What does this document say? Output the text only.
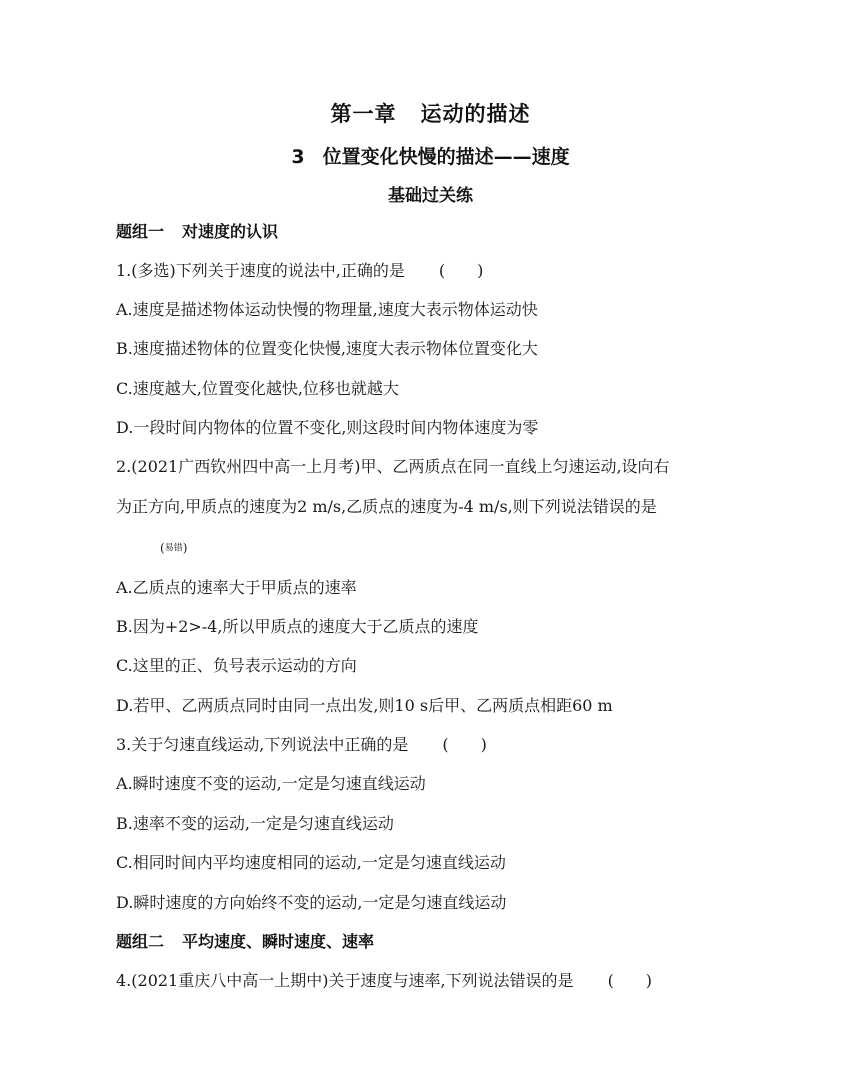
第一章 运动的描述
3 位置变化快慢的描述——速度
基础过关练
题组一 对速度的认识
1.(多选)下列关于速度的说法中,正确的是 (　　)
A.速度是描述物体运动快慢的物理量,速度大表示物体运动快
B.速度描述物体的位置变化快慢,速度大表示物体位置变化大
C.速度越大,位置变化越快,位移也就越大
D.一段时间内物体的位置不变化,则这段时间内物体速度为零
2.(2021广西钦州四中高一上月考)甲、乙两质点在同一直线上匀速运动,设向右
为正方向,甲质点的速度为2 m/s,乙质点的速度为-4 m/s,则下列说法错误的是
(易错)
A.乙质点的速率大于甲质点的速率
B.因为+2>-4,所以甲质点的速度大于乙质点的速度
C.这里的正、负号表示运动的方向
D.若甲、乙两质点同时由同一点出发,则10 s后甲、乙两质点相距60 m
3.关于匀速直线运动,下列说法中正确的是 (　　)
A.瞬时速度不变的运动,一定是匀速直线运动
B.速率不变的运动,一定是匀速直线运动
C.相同时间内平均速度相同的运动,一定是匀速直线运动
D.瞬时速度的方向始终不变的运动,一定是匀速直线运动
题组二 平均速度、瞬时速度、速率
4.(2021重庆八中高一上期中)关于速度与速率,下列说法错误的是 (　　)
